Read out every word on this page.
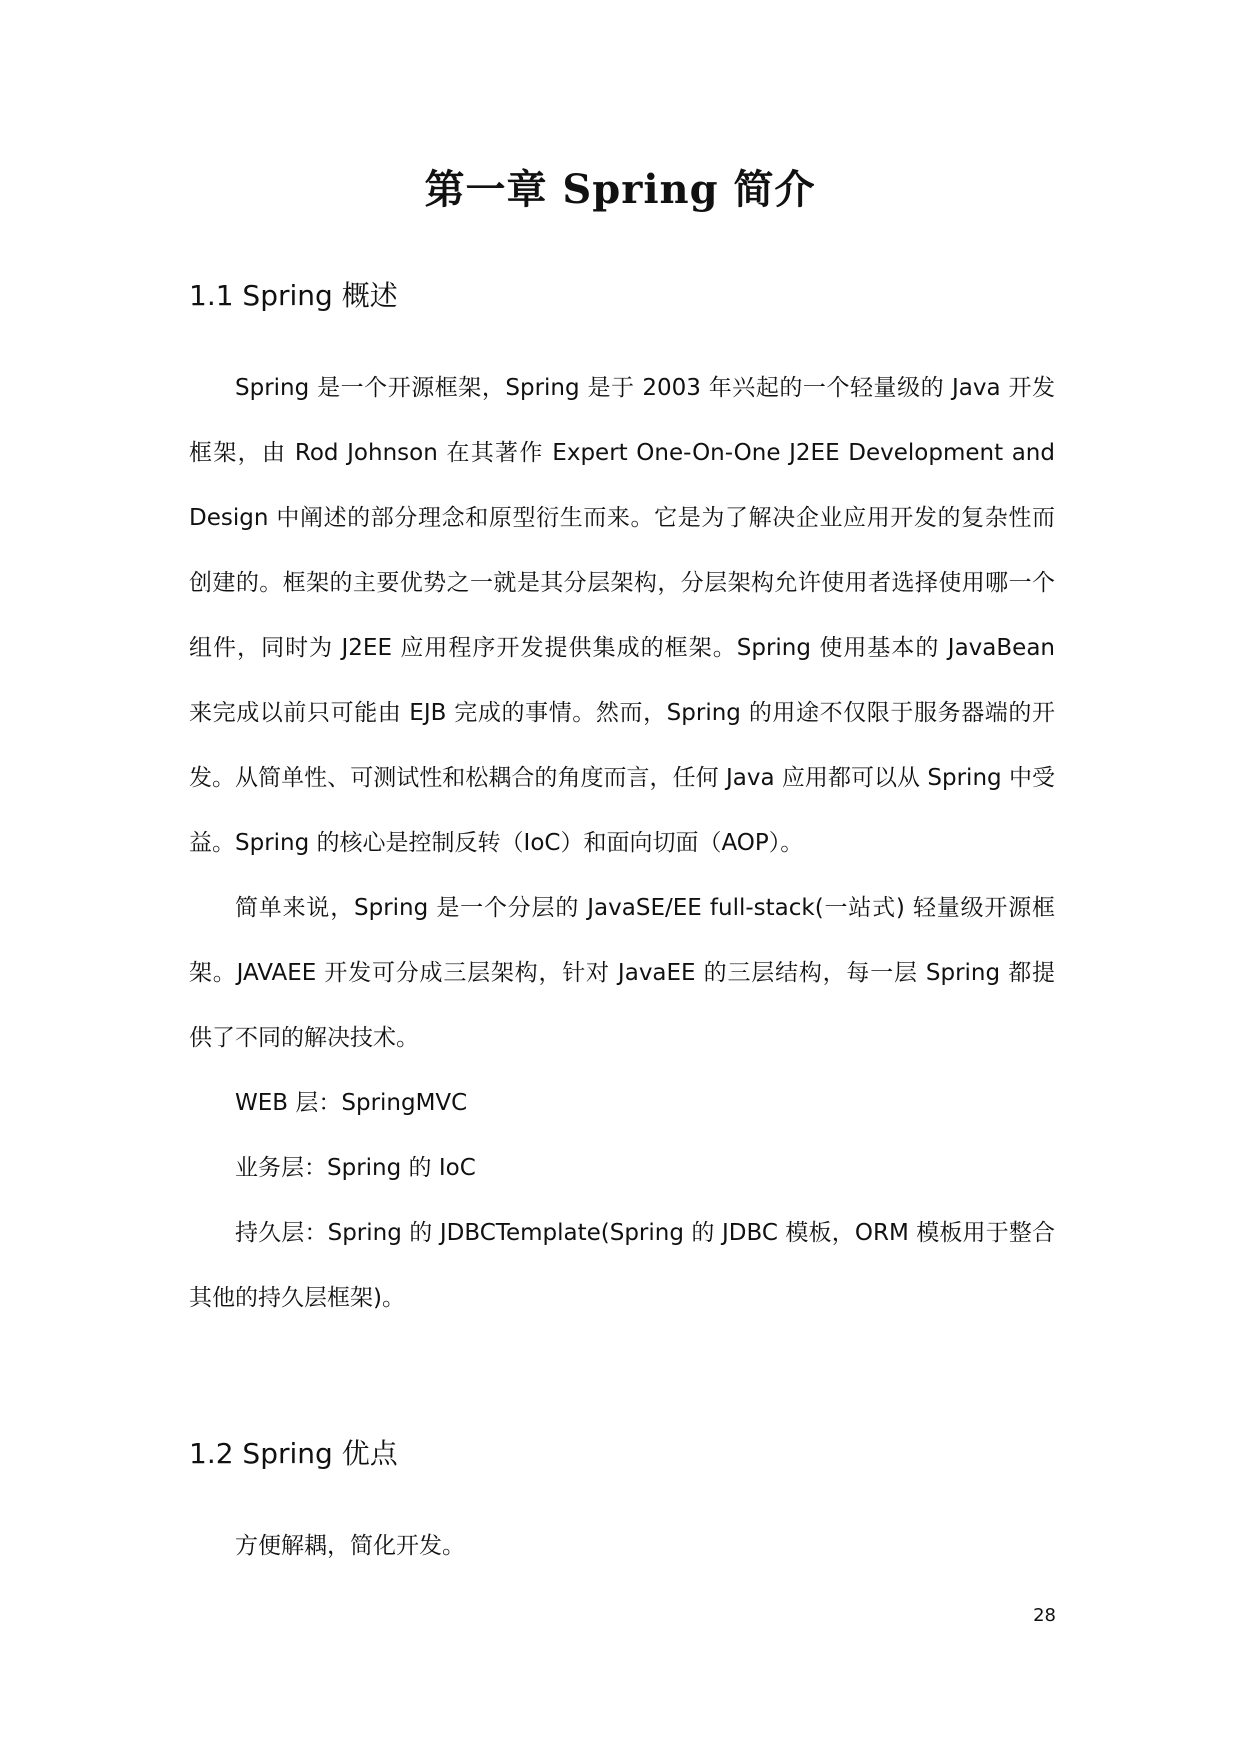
第一章 Spring 简介
1.1 Spring 概述

Spring 是一个开源框架，Spring 是于 2003 年兴起的一个轻量级的 Java 开发框架，由 Rod Johnson 在其著作 Expert One-On-One J2EE Development and Design 中阐述的部分理念和原型衍生而来。它是为了解决企业应用开发的复杂性而创建的。框架的主要优势之一就是其分层架构，分层架构允许使用者选择使用哪一个组件，同时为 J2EE 应用程序开发提供集成的框架。Spring 使用基本的 JavaBean 来完成以前只可能由 EJB 完成的事情。然而，Spring 的用途不仅限于服务器端的开发。从简单性、可测试性和松耦合的角度而言，任何 Java 应用都可以从 Spring 中受益。Spring 的核心是控制反转（IoC）和面向切面（AOP）。

简单来说，Spring 是一个分层的 JavaSE/EE full-stack(一站式) 轻量级开源框架。JAVAEE 开发可分成三层架构，针对 JavaEE 的三层结构，每一层 Spring 都提供了不同的解决技术。

WEB 层：SpringMVC

业务层：Spring 的 IoC

持久层：Spring 的 JDBCTemplate(Spring 的 JDBC 模板，ORM 模板用于整合其他的持久层框架)。

1.2 Spring 优点

方便解耦，简化开发。

28
